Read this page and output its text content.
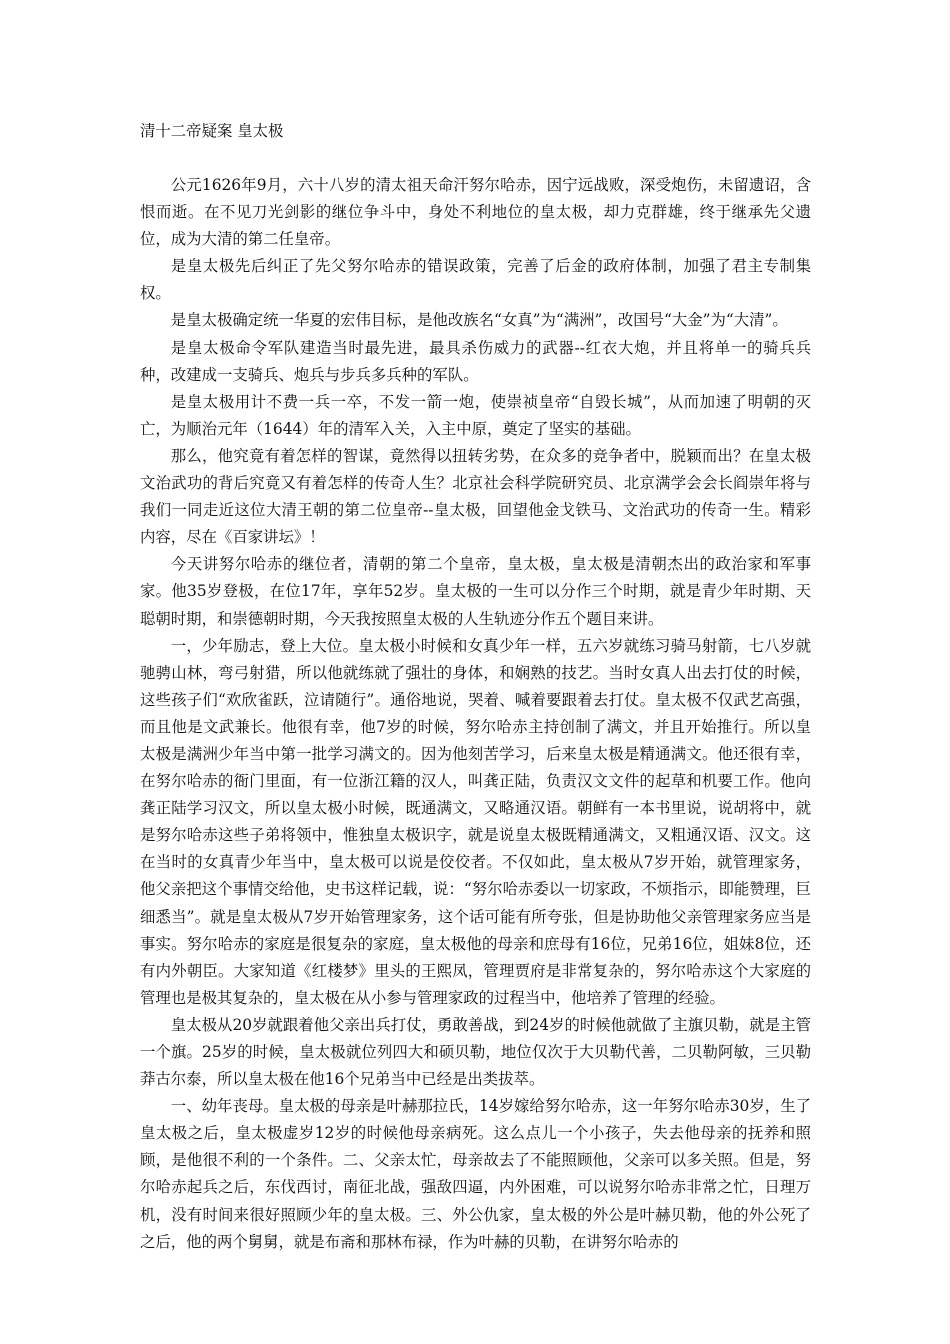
清十二帝疑案 皇太极

公元1626年9月，六十八岁的清太祖天命汗努尔哈赤，因宁远战败，深受炮伤，未留遗诏，含恨而逝。在不见刀光剑影的继位争斗中，身处不利地位的皇太极，却力克群雄，终于继承先父遗位，成为大清的第二任皇帝。

是皇太极先后纠正了先父努尔哈赤的错误政策，完善了后金的政府体制，加强了君主专制集权。

是皇太极确定统一华夏的宏伟目标，是他改族名“女真”为“满洲”，改国号“大金”为“大清”。

是皇太极命令军队建造当时最先进，最具杀伤威力的武器--红衣大炮，并且将单一的骑兵兵种，改建成一支骑兵、炮兵与步兵多兵种的军队。

是皇太极用计不费一兵一卒，不发一箭一炮，使崇祯皇帝“自毁长城”，从而加速了明朝的灭亡，为顺治元年（1644）年的清军入关，入主中原，奠定了坚实的基础。

那么，他究竟有着怎样的智谋，竟然得以扭转劣势，在众多的竞争者中，脱颖而出？在皇太极文治武功的背后究竟又有着怎样的传奇人生？北京社会科学院研究员、北京满学会会长阎崇年将与我们一同走近这位大清王朝的第二位皇帝--皇太极，回望他金戈铁马、文治武功的传奇一生。精彩内容，尽在《百家讲坛》！

今天讲努尔哈赤的继位者，清朝的第二个皇帝，皇太极，皇太极是清朝杰出的政治家和军事家。他35岁登极，在位17年，享年52岁。皇太极的一生可以分作三个时期，就是青少年时期、天聪朝时期，和崇德朝时期，今天我按照皇太极的人生轨迹分作五个题目来讲。

一，少年励志，登上大位。皇太极小时候和女真少年一样，五六岁就练习骑马射箭，七八岁就驰骋山林，弯弓射猎，所以他就练就了强壮的身体，和娴熟的技艺。当时女真人出去打仗的时候，这些孩子们“欢欣雀跃，泣请随行”。通俗地说，哭着、喊着要跟着去打仗。皇太极不仅武艺高强，而且他是文武兼长。他很有幸，他7岁的时候，努尔哈赤主持创制了满文，并且开始推行。所以皇太极是满洲少年当中第一批学习满文的。因为他刻苦学习，后来皇太极是精通满文。他还很有幸，在努尔哈赤的衙门里面，有一位浙江籍的汉人，叫龚正陆，负责汉文文件的起草和机要工作。他向龚正陆学习汉文，所以皇太极小时候，既通满文，又略通汉语。朝鲜有一本书里说，说胡将中，就是努尔哈赤这些子弟将领中，惟独皇太极识字，就是说皇太极既精通满文，又粗通汉语、汉文。这在当时的女真青少年当中，皇太极可以说是佼佼者。不仅如此，皇太极从7岁开始，就管理家务，他父亲把这个事情交给他，史书这样记载，说：“努尔哈赤委以一切家政，不烦指示，即能赞理，巨细悉当”。就是皇太极从7岁开始管理家务，这个话可能有所夸张，但是协助他父亲管理家务应当是事实。努尔哈赤的家庭是很复杂的家庭，皇太极他的母亲和庶母有16位，兄弟16位，姐妹8位，还有内外朝臣。大家知道《红楼梦》里头的王熙凤，管理贾府是非常复杂的，努尔哈赤这个大家庭的管理也是极其复杂的，皇太极在从小参与管理家政的过程当中，他培养了管理的经验。

皇太极从20岁就跟着他父亲出兵打仗，勇敢善战，到24岁的时候他就做了主旗贝勒，就是主管一个旗。25岁的时候，皇太极就位列四大和硕贝勒，地位仅次于大贝勒代善，二贝勒阿敏，三贝勒莽古尔泰，所以皇太极在他16个兄弟当中已经是出类拔萃。

一、幼年丧母。皇太极的母亲是叶赫那拉氏，14岁嫁给努尔哈赤，这一年努尔哈赤30岁，生了皇太极之后，皇太极虚岁12岁的时候他母亲病死。这么点儿一个小孩子，失去他母亲的抚养和照顾，是他很不利的一个条件。二、父亲太忙，母亲故去了不能照顾他，父亲可以多关照。但是，努尔哈赤起兵之后，东伐西讨，南征北战，强敌四逼，内外困难，可以说努尔哈赤非常之忙，日理万机，没有时间来很好照顾少年的皇太极。三、外公仇家，皇太极的外公是叶赫贝勒，他的外公死了之后，他的两个舅舅，就是布斋和那林布禄，作为叶赫的贝勒，在讲努尔哈赤的
